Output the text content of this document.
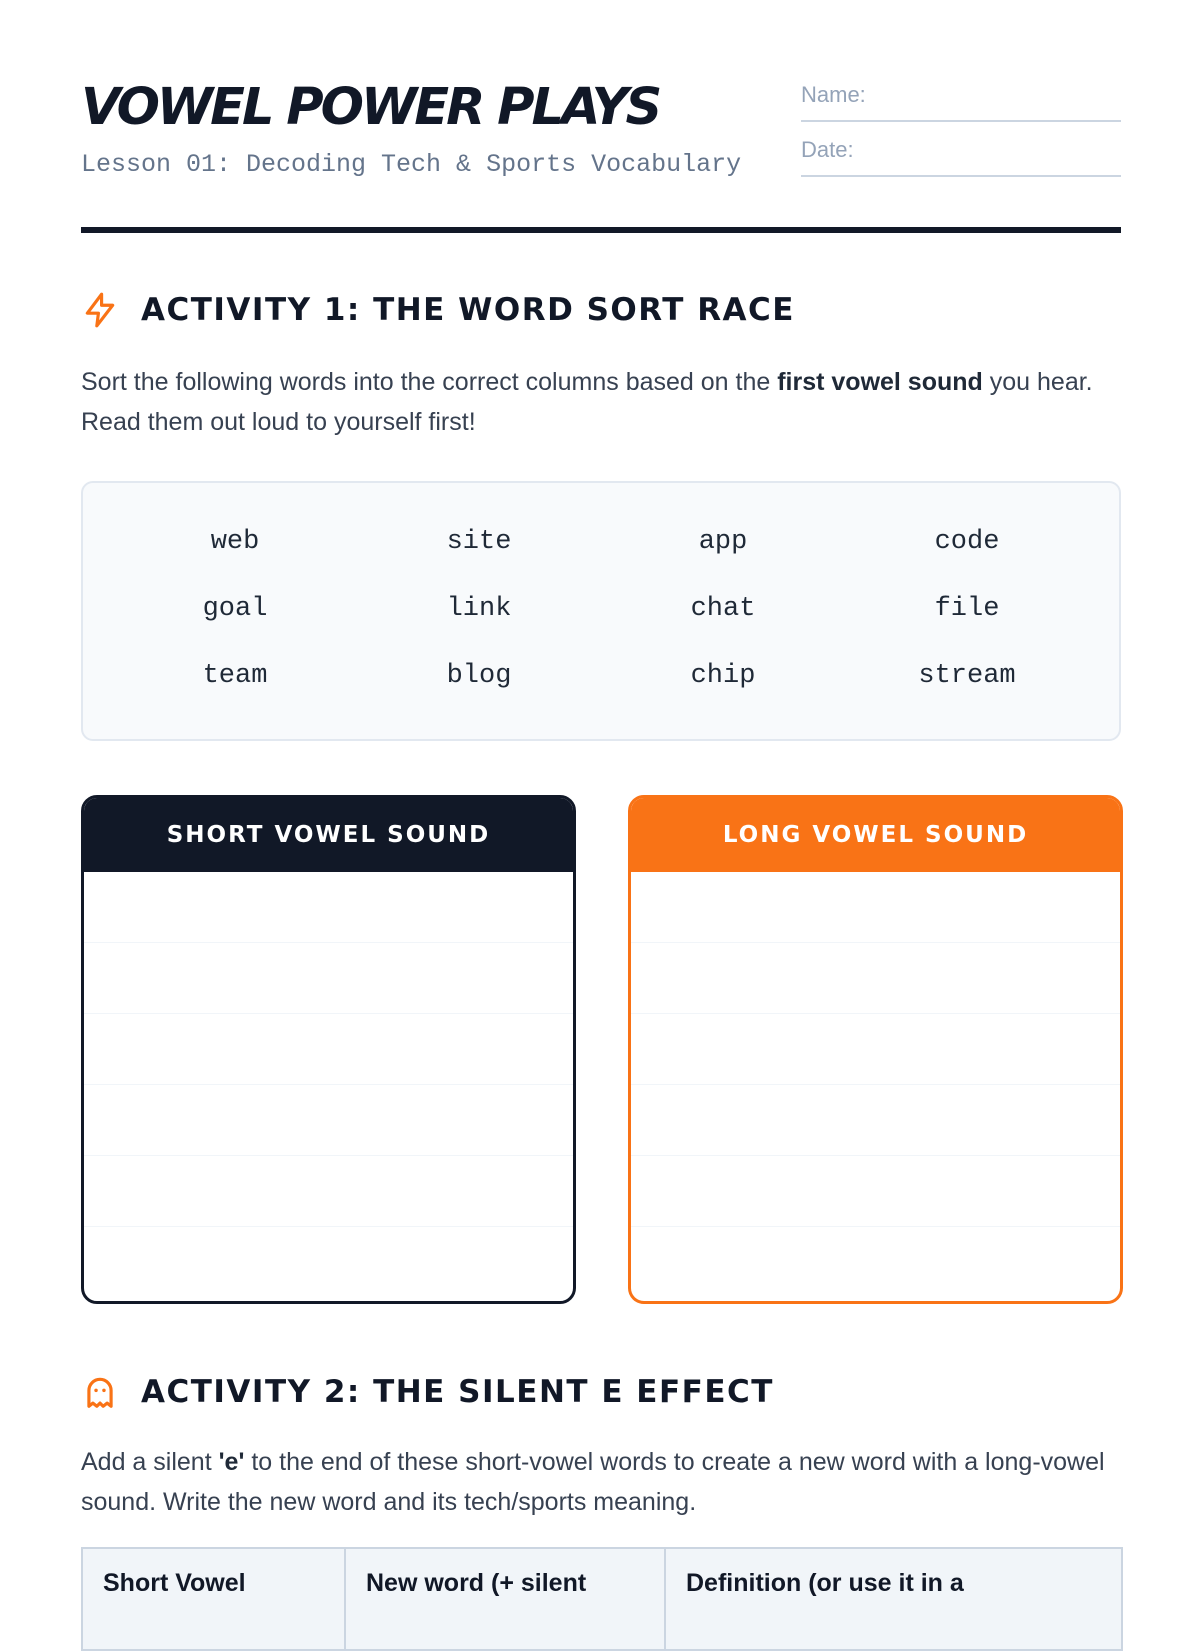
VOWEL POWER PLAYS
Lesson 01: Decoding Tech & Sports Vocabulary
Name:
Date:
ACTIVITY 1: THE WORD SORT RACE

Sort the following words into the correct columns based on the first vowel sound you hear. Read them out loud to yourself first!

web	site	app	code
goal	link	chat	file
team	blog	chip	stream
SHORT VOWEL SOUND	LONG VOWEL SOUND
ACTIVITY 2: THE SILENT E EFFECT

Add a silent 'e' to the end of these short-vowel words to create a new word with a long-vowel sound. Write the new word and its tech/sports meaning.

Short Vowel	New word (+ silent	Definition (or use it in a
